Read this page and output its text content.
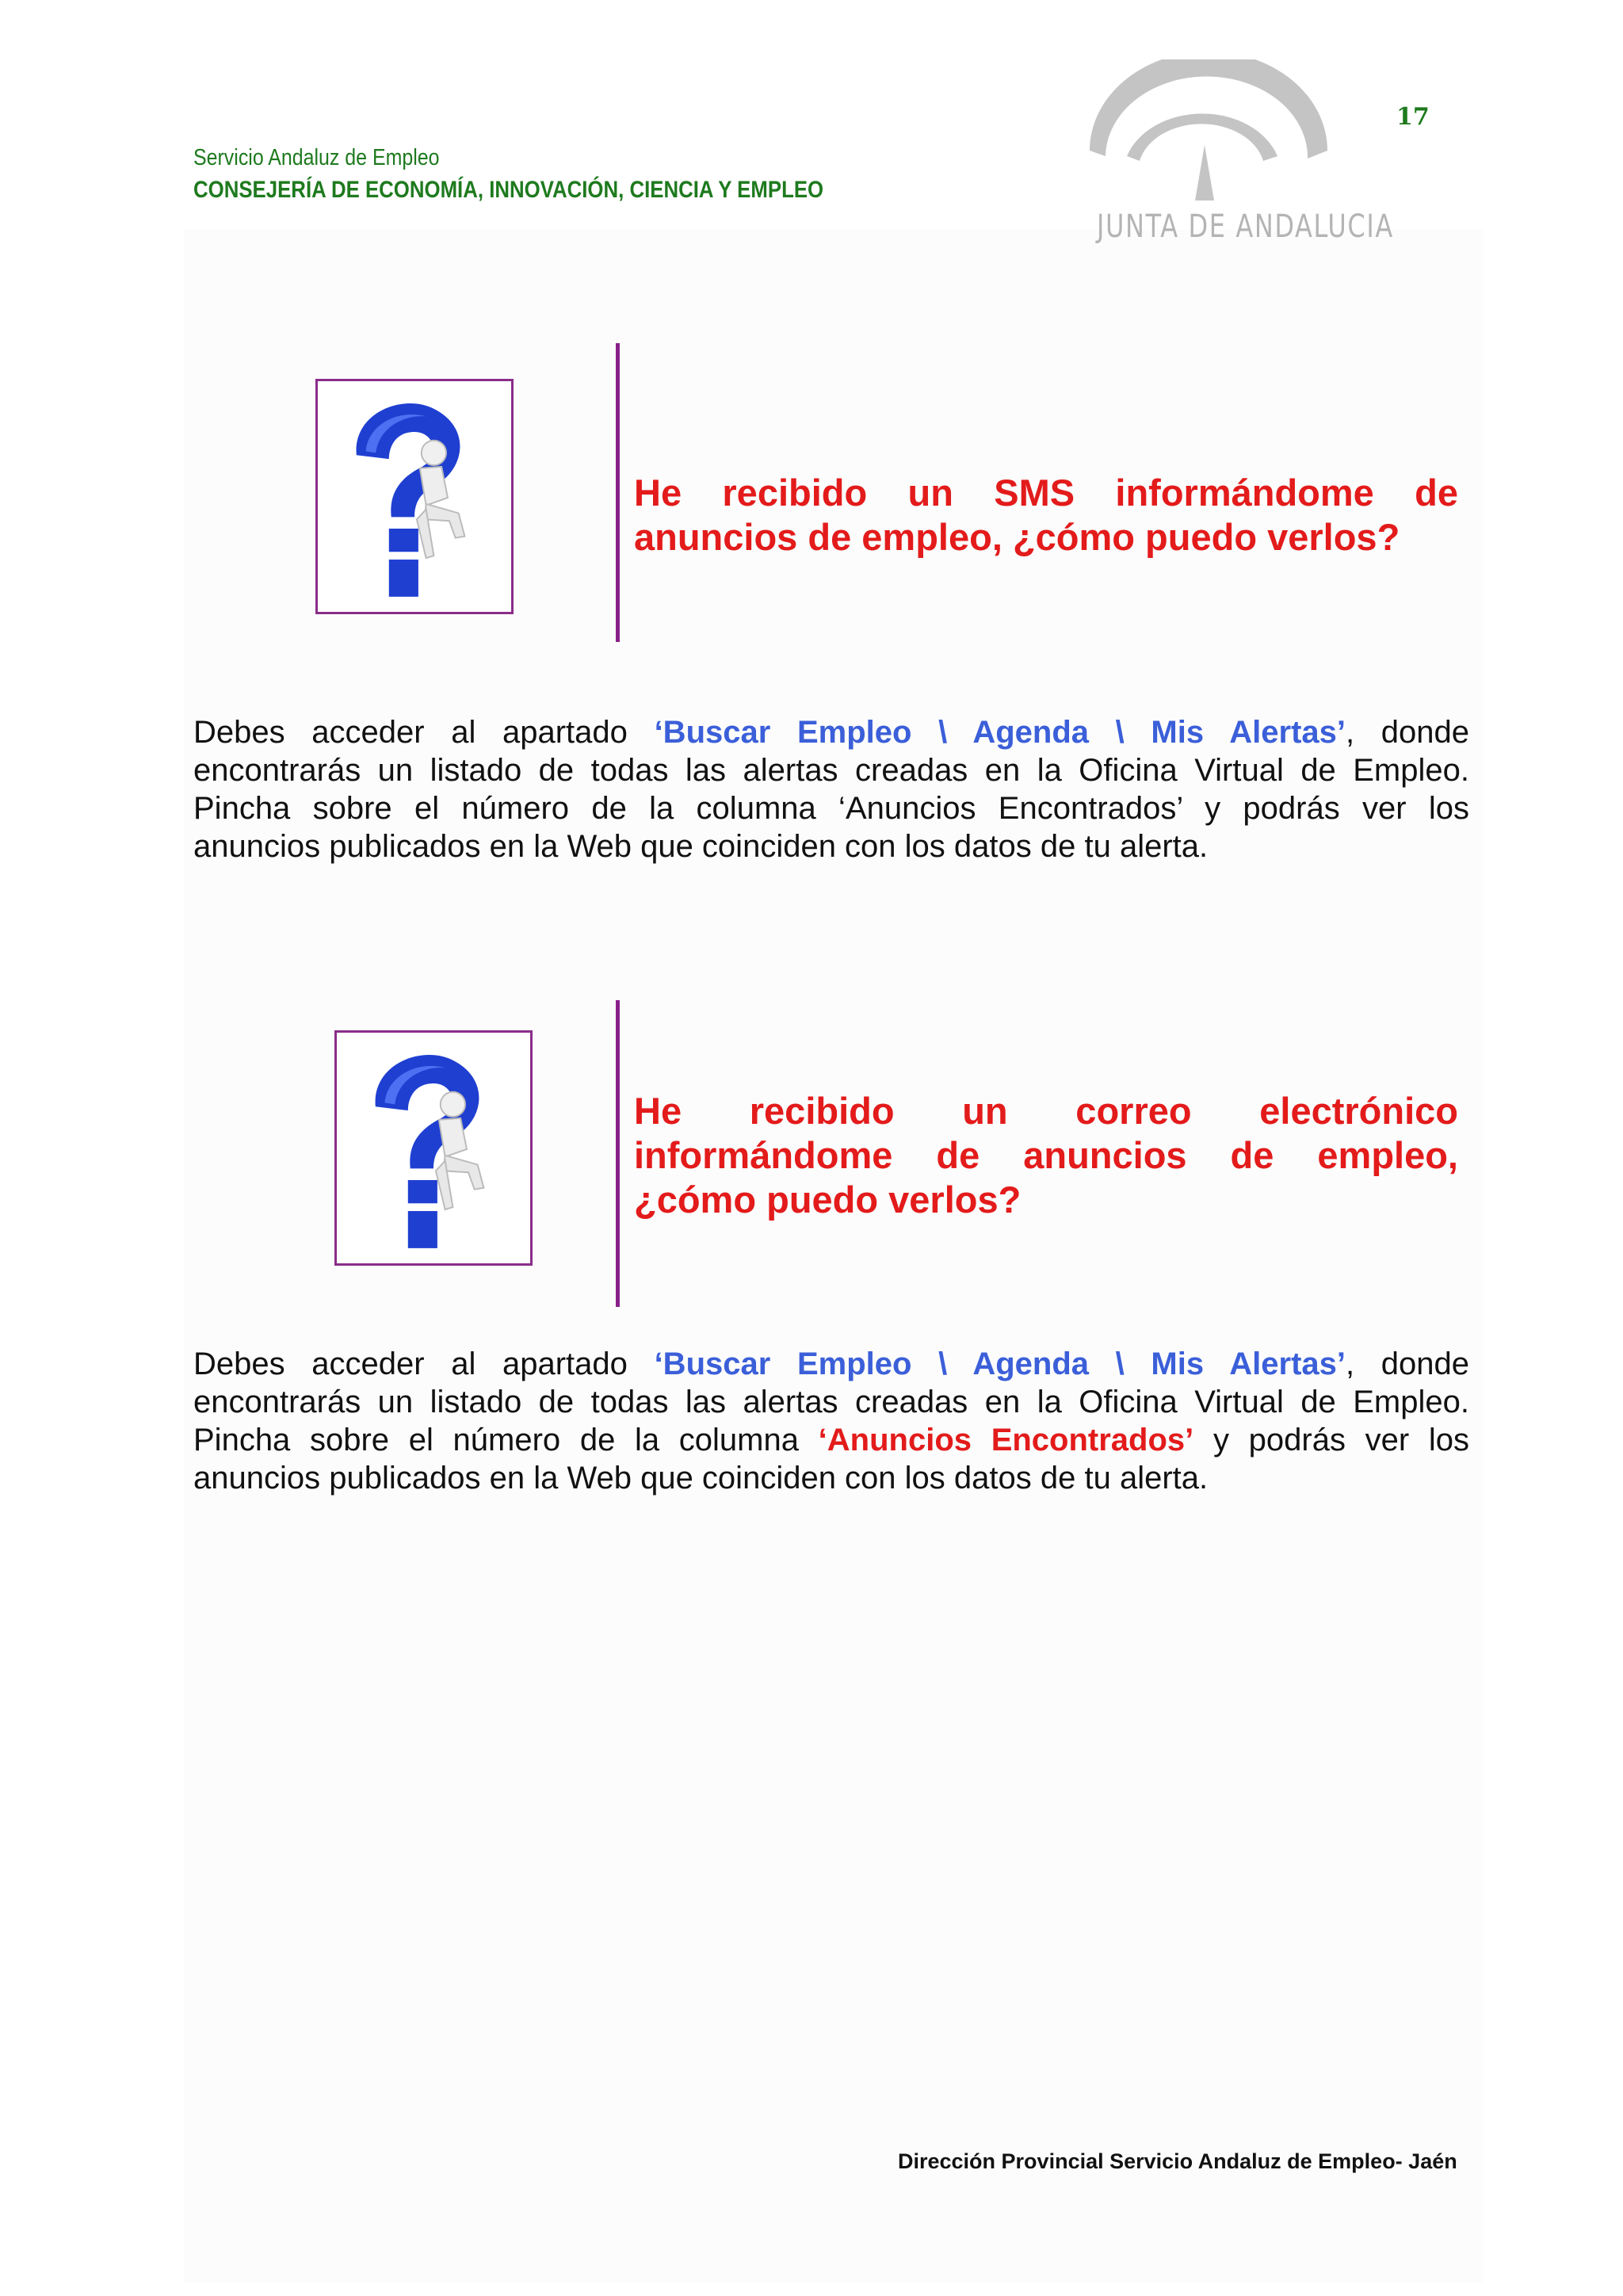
Servicio Andaluz de Empleo
CONSEJERÍA DE ECONOMÍA, INNOVACIÓN, CIENCIA Y EMPLEO
17
JUNTA DE ANDALUCIA
He recibido un SMS informándome de
anuncios de empleo, ¿cómo puedo verlos?
Debes acceder al apartado ‘Buscar Empleo \ Agenda \ Mis Alertas’, donde
encontrarás un listado de todas las alertas creadas en la Oficina Virtual de Empleo.
Pincha sobre el número de la columna ‘Anuncios Encontrados’ y podrás ver los
anuncios publicados en la Web que coinciden con los datos de tu alerta.
He recibido un correo electrónico
informándome de anuncios de empleo,
¿cómo puedo verlos?
Debes acceder al apartado ‘Buscar Empleo \ Agenda \ Mis Alertas’, donde
encontrarás un listado de todas las alertas creadas en la Oficina Virtual de Empleo.
Pincha sobre el número de la columna ‘Anuncios Encontrados’ y podrás ver los
anuncios publicados en la Web que coinciden con los datos de tu alerta.
Dirección Provincial Servicio Andaluz de Empleo- Jaén
